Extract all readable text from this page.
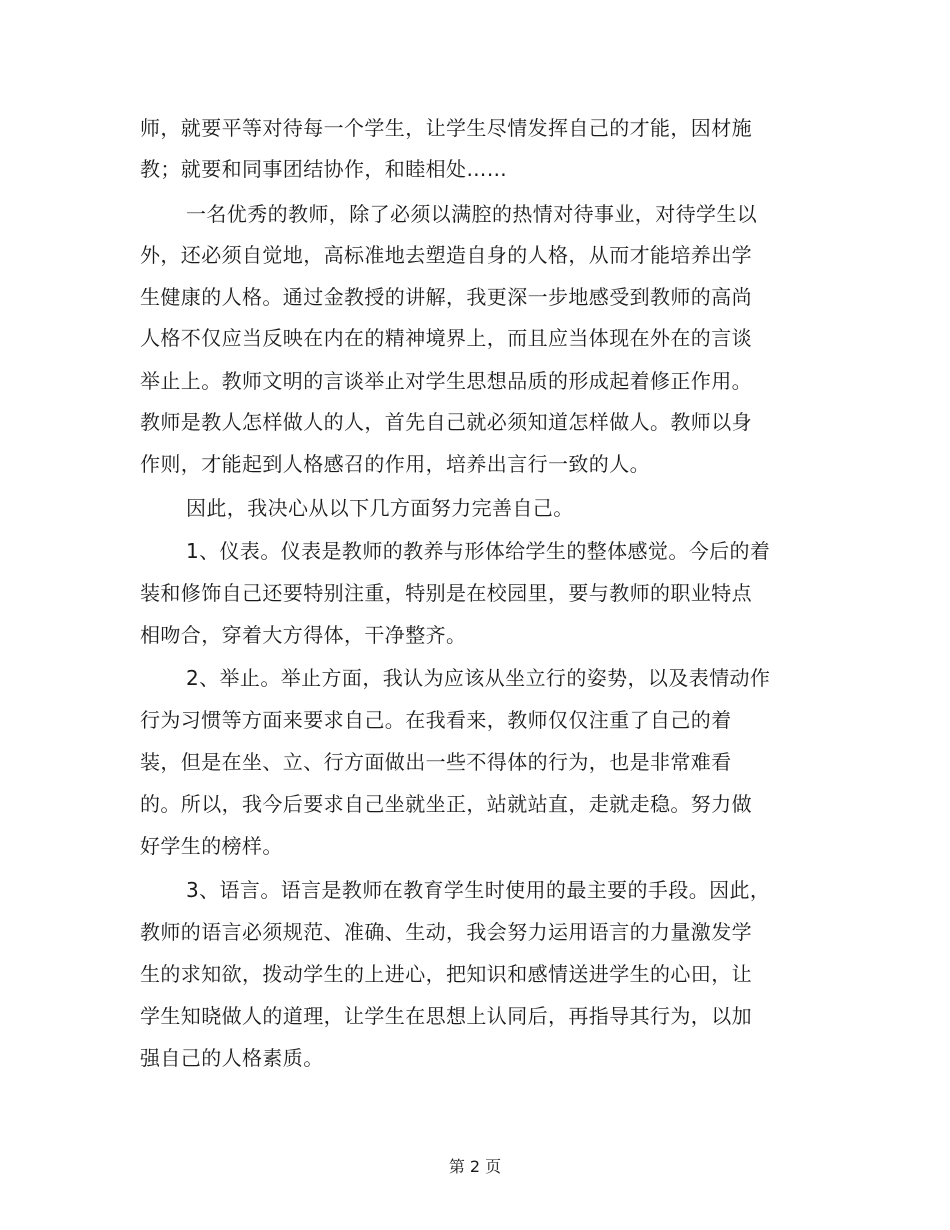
师，就要平等对待每一个学生，让学生尽情发挥自己的才能，因材施
教；就要和同事团结协作，和睦相处……
一名优秀的教师，除了必须以满腔的热情对待事业，对待学生以
外，还必须自觉地，高标准地去塑造自身的人格，从而才能培养出学
生健康的人格。通过金教授的讲解，我更深一步地感受到教师的高尚
人格不仅应当反映在内在的精神境界上，而且应当体现在外在的言谈
举止上。教师文明的言谈举止对学生思想品质的形成起着修正作用。
教师是教人怎样做人的人，首先自己就必须知道怎样做人。教师以身
作则，才能起到人格感召的作用，培养出言行一致的人。
因此，我决心从以下几方面努力完善自己。
1、仪表。仪表是教师的教养与形体给学生的整体感觉。今后的着
装和修饰自己还要特别注重，特别是在校园里，要与教师的职业特点
相吻合，穿着大方得体，干净整齐。
2、举止。举止方面，我认为应该从坐立行的姿势，以及表情动作
行为习惯等方面来要求自己。在我看来，教师仅仅注重了自己的着
装，但是在坐、立、行方面做出一些不得体的行为，也是非常难看
的。所以，我今后要求自己坐就坐正，站就站直，走就走稳。努力做
好学生的榜样。
3、语言。语言是教师在教育学生时使用的最主要的手段。因此，
教师的语言必须规范、准确、生动，我会努力运用语言的力量激发学
生的求知欲，拨动学生的上进心，把知识和感情送进学生的心田，让
学生知晓做人的道理，让学生在思想上认同后，再指导其行为，以加
强自己的人格素质。
第 2 页
